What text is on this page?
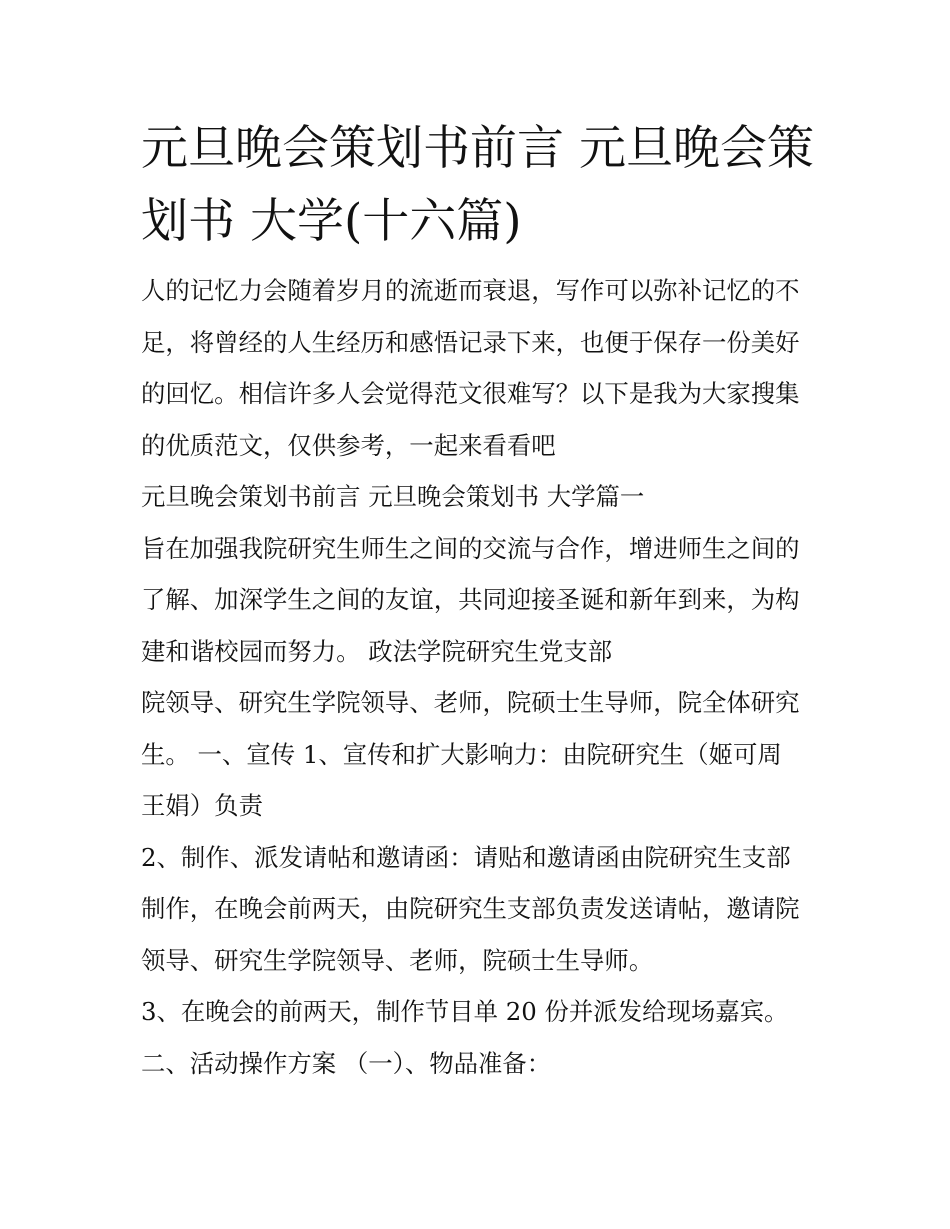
元旦晚会策划书前言 元旦晚会策划书 大学(十六篇)

人的记忆力会随着岁月的流逝而衰退，写作可以弥补记忆的不足，将曾经的人生经历和感悟记录下来，也便于保存一份美好的回忆。相信许多人会觉得范文很难写？以下是我为大家搜集的优质范文，仅供参考，一起来看看吧

元旦晚会策划书前言 元旦晚会策划书 大学篇一

旨在加强我院研究生师生之间的交流与合作，增进师生之间的了解、加深学生之间的友谊，共同迎接圣诞和新年到来，为构建和谐校园而努力。 政法学院研究生党支部

院领导、研究生学院领导、老师，院硕士生导师，院全体研究生。 一、宣传 1、宣传和扩大影响力：由院研究生（姬可周 王娟）负责

2、制作、派发请帖和邀请函：请贴和邀请函由院研究生支部制作，在晚会前两天，由院研究生支部负责发送请帖，邀请院领导、研究生学院领导、老师，院硕士生导师。

3、在晚会的前两天，制作节目单 20 份并派发给现场嘉宾。

二、活动操作方案 （一）、物品准备：
